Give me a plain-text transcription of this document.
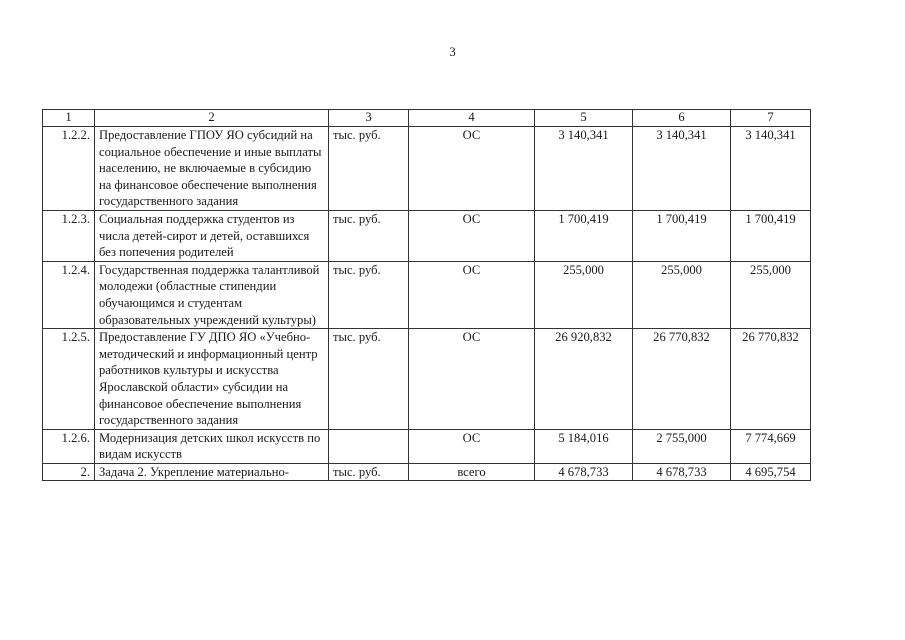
3
1	2	3	4	5	6	7
1.2.2.	Предоставление ГПОУ ЯО субсидий на социальное обеспечение и иные выплаты населению, не включаемые в субсидию на финансовое обеспечение выполнения государственного задания	тыс. руб.	ОС	3 140,341	3 140,341	3 140,341
1.2.3.	Социальная поддержка студентов из числа детей-сирот и детей, оставшихся без попечения родителей	тыс. руб.	ОС	1 700,419	1 700,419	1 700,419
1.2.4.	Государственная поддержка талантливой молодежи (областные стипендии обучающимся и студентам образовательных учреждений культуры)	тыс. руб.	ОС	255,000	255,000	255,000
1.2.5.	Предоставление ГУ ДПО ЯО «Учебно-методический и информационный центр работников культуры и искусства Ярославской области» субсидии на финансовое обеспечение выполнения государственного задания	тыс. руб.	ОС	26 920,832	26 770,832	26 770,832
1.2.6.	Модернизация детских школ искусств по видам искусств		ОС	5 184,016	2 755,000	7 774,669
2.	Задача 2. Укрепление материально-	тыс. руб.	всего	4 678,733	4 678,733	4 695,754
